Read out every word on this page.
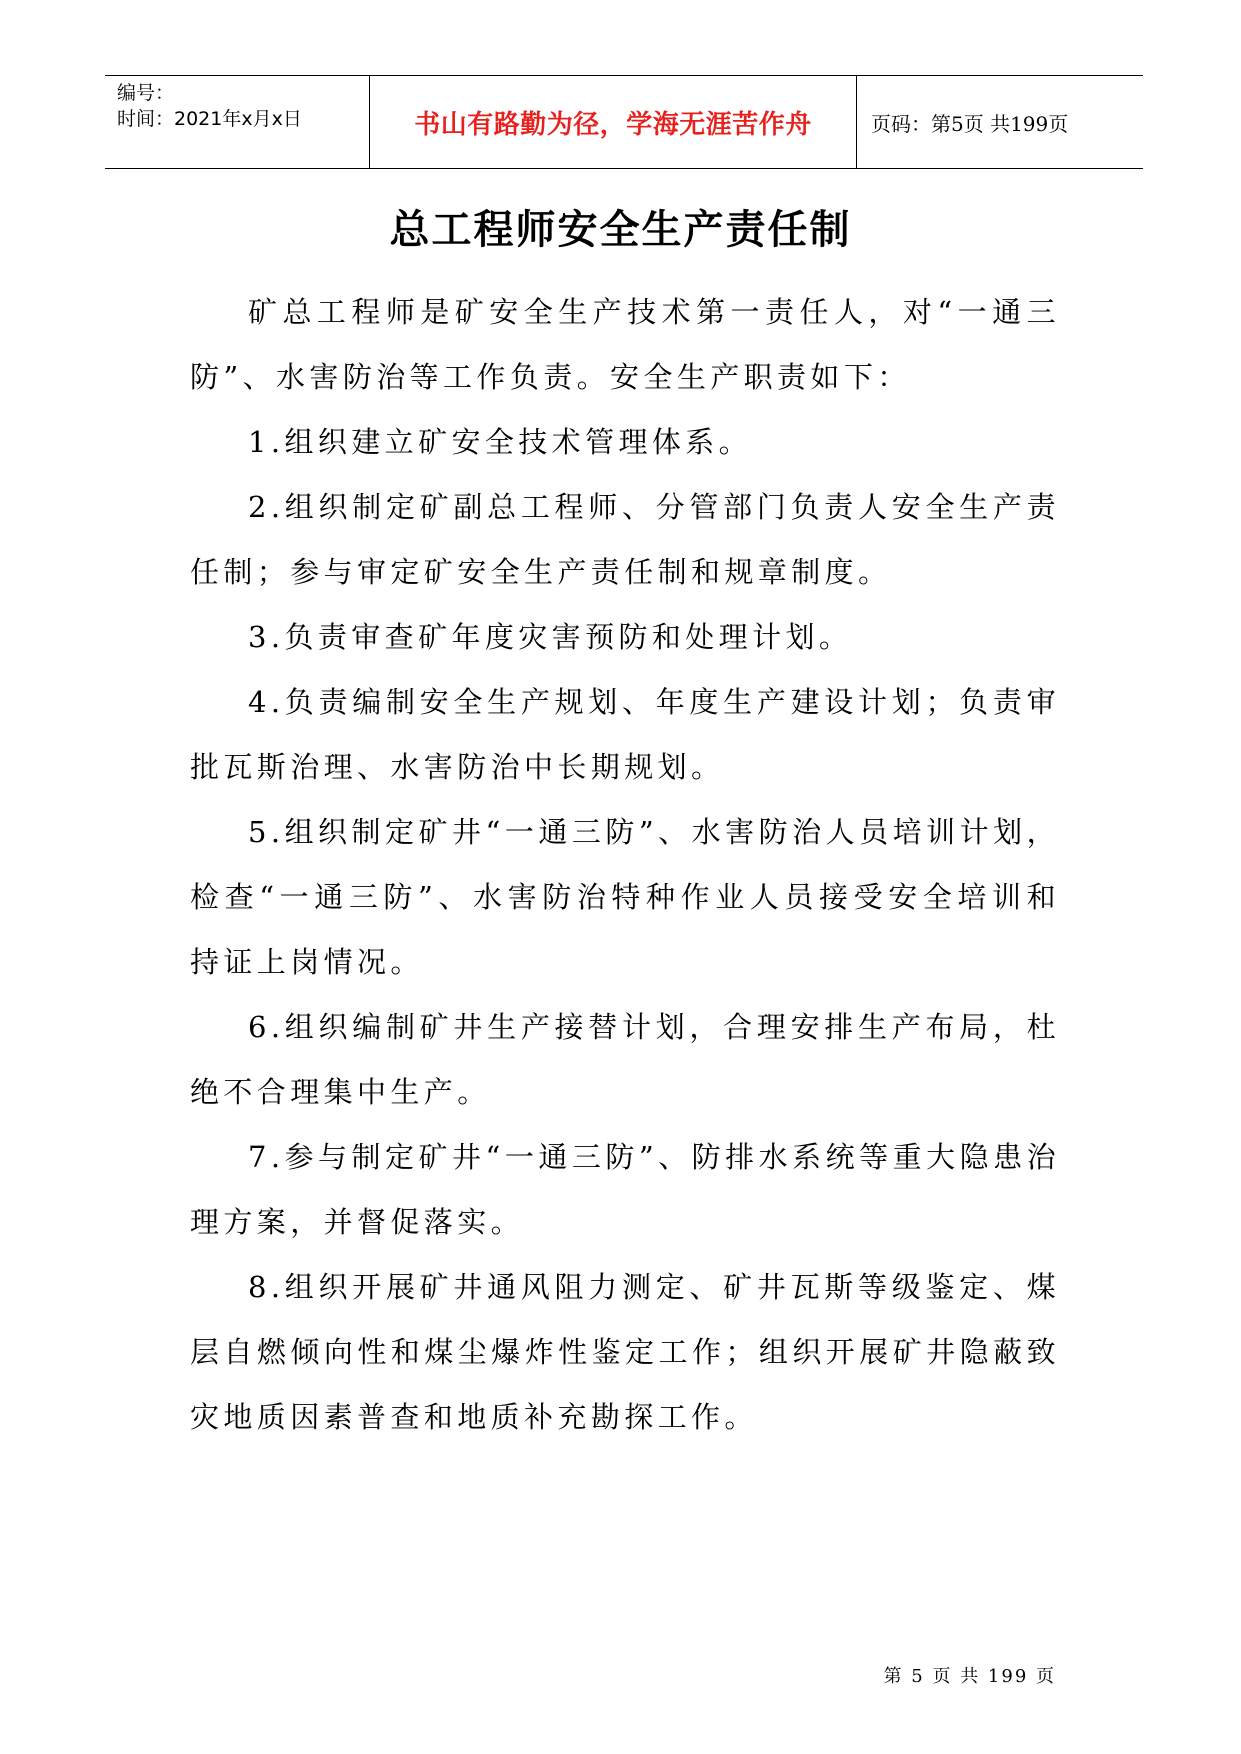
编号：
时间：2021年x月x日	书山有路勤为径，学海无涯苦作舟	页码：第5页 共199页
总工程师安全生产责任制

矿总工程师是矿安全生产技术第一责任人，对“一通三防”、水害防治等工作负责。安全生产职责如下：

1.组织建立矿安全技术管理体系。

2.组织制定矿副总工程师、分管部门负责人安全生产责任制；参与审定矿安全生产责任制和规章制度。

3.负责审查矿年度灾害预防和处理计划。

4.负责编制安全生产规划、年度生产建设计划；负责审批瓦斯治理、水害防治中长期规划。

5.组织制定矿井“一通三防”、水害防治人员培训计划，检查“一通三防”、水害防治特种作业人员接受安全培训和持证上岗情况。

6.组织编制矿井生产接替计划，合理安排生产布局，杜绝不合理集中生产。

7.参与制定矿井“一通三防”、防排水系统等重大隐患治理方案，并督促落实。

8.组织开展矿井通风阻力测定、矿井瓦斯等级鉴定、煤层自燃倾向性和煤尘爆炸性鉴定工作；组织开展矿井隐蔽致灾地质因素普查和地质补充勘探工作。

第 5 页 共 199 页
